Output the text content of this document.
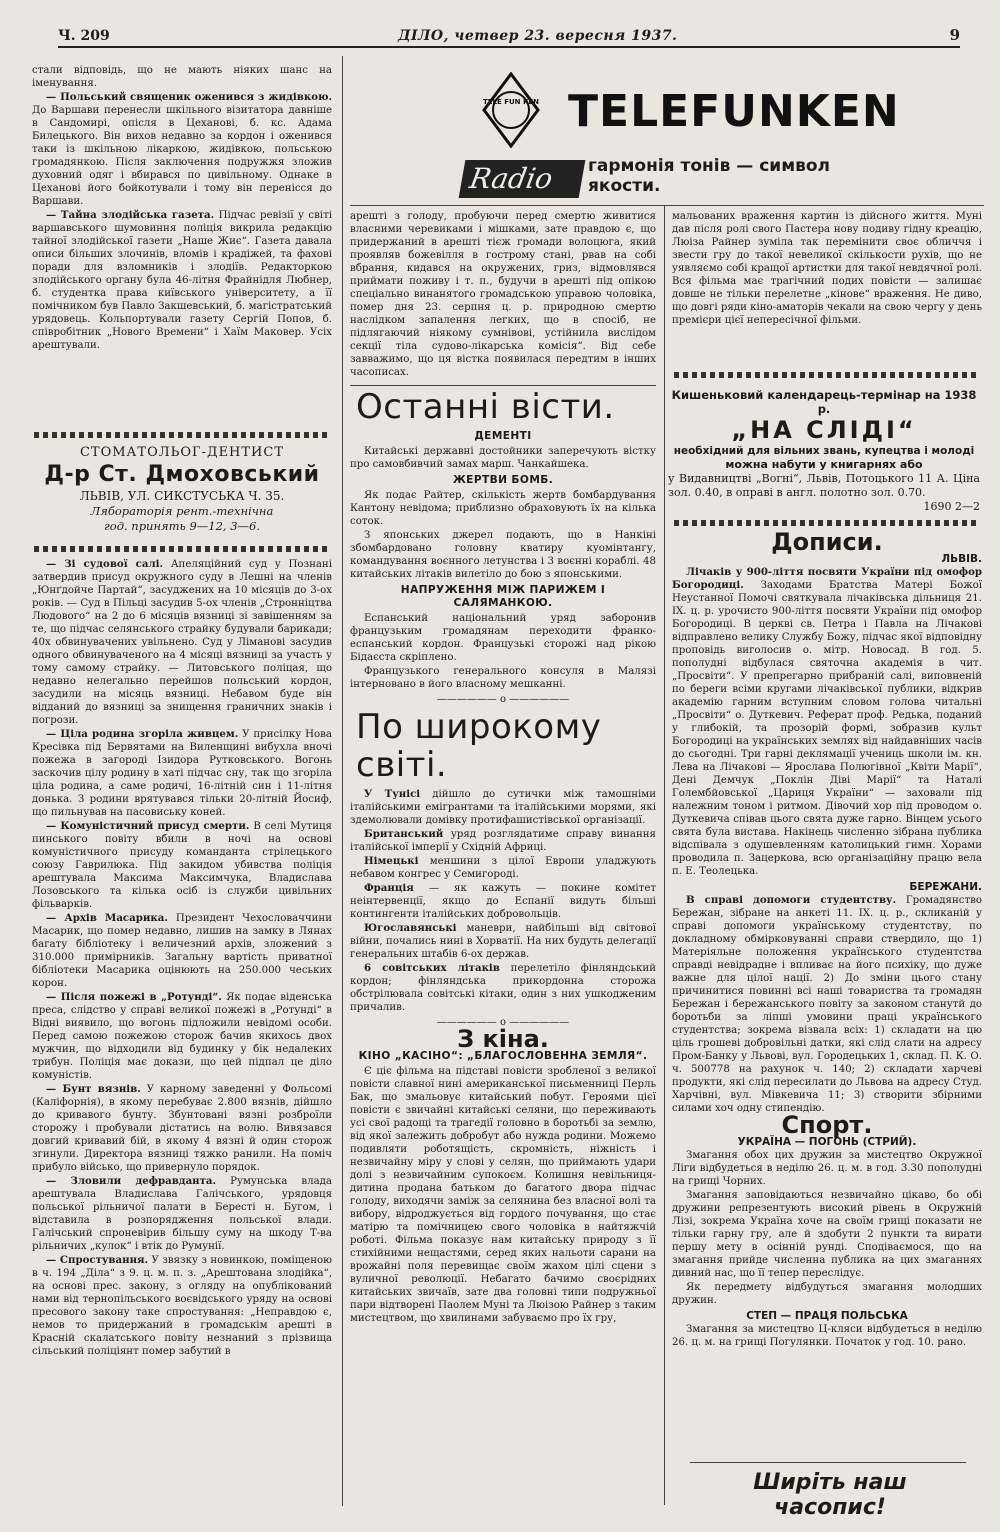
Ч. 209	ДІЛО, четвер 23. вересня 1937.	9

стали відповідь, що не мають ніяких шанс на іменування.

— Польський священик оженився з жидівкою. До Варшави перенесли шкільного візитатора давніше в Сандомирі, опісля в Цеханові, б. кс. Адама Билецького. Він вихов недавно за кордон і оженився таки із шкільною лікаркою, жидівкою, польською громадянкою. Після заключення подружжя зложив духовний одяг і вбирався по цивільному. Однаке в Цеханові його бойкотували і тому він перенісся до Варшави.

— Тайна злодійська газета. Підчас ревізії у світі варшавського шумовиння поліція викрила редакцію тайної злодійської газети „Наше Жиє“. Газета давала описи більших злочинів, вломів і крадіжей, та фахові поради для взломників і злодіїв. Редакторкою злодійського органу була 46-літня Фрайнідля Любнер, б. студентка права київського університету, а її помічником був Павло Закшевський, б. магістратський урядовець. Кольпортували газету Сергій Попов, б. співробітник „Нового Времени“ і Хаїм Маковер. Усіх арештували.

СТОМАТОЛЬОГ-ДЕНТИСТ
Д-р Ст. Дмоховський
ЛЬВІВ, УЛ. СИКСТУСЬКА Ч. 35.
Лябораторія рент.-технічна
год. принять 9—12, 3—6.

— Зі судової салі. Апеляційний суд у Познані затвердив присуд окружного суду в Лешні на членів „Юнґдойче Партай“, засуджених на 10 місяців до 3-ох років. — Суд в Пільці засудив 5-ох членів „Стронніцтва Людового“ на 2 до 6 місяців вязниці зі завішенням за те, що підчас селянського страйку будували барикади; 40х обвинувачених увільнено. Суд у Ліманові засудив одного обвинуваченого на 4 місяці вязниці за участь у тому самому страйку. — Литовського поліцая, що недавно нелегально перейшов польський кордон, засудили на місяць вязниці. Небавом буде він відданий до вязниці за знищення граничних знаків і погрози.

— Ціла родина згоріла живцем. У присілку Нова Кресівка під Бервятами на Виленщині вибухла вночі пожежа в загороді Ізидора Рутковського. Вогонь заскочив цілу родину в хаті підчас сну, так що згоріла ціла родина, а саме родичі, 16-літній син і 11-літня донька. З родини врятувався тільки 20-літній Йосиф, що пильнував на пасовиську коней.

— Комуністичний присуд смерти. В селі Мутиця пинського повіту вбили в ночі на основі комуністичного присуду команданта стрілецького союзу Гаврилюка. Під закидом убивства поліція арештувала Максима Максимчука, Владислава Лозовського та кілька осіб із служби цивільних фільварків.

— Архів Масарика. Президент Чехословаччини Масарик, що помер недавно, лишив на замку в Лянах багату бібліотеку і величезний архів, зложений з 310.000 примірників. Загальну вартість приватної бібліотеки Масарика оцінюють на 250.000 чеських корон.

— Після пожежі в „Ротунді“. Як подає віденська преса, слідство у справі великої пожежі в „Ротунді“ в Відні виявило, що вогонь підложили невідомі особи. Перед самою пожежою сторож бачив якихось двох мужчин, що відходили від будинку у бік недалеких трибун. Поліція має докази, що цей підпал це діло комуністів.

— Бунт вязнів. У карному заведенні у Фольсомі (Каліфорнія), в якому перебуває 2.800 вязнів, дійшло до кривавого бунту. Збунтовані вязні розброїли сторожу і пробували дістатись на волю. Вивязався довгий кривавий бій, в якому 4 вязні й один сторож згинули. Директора вязниці тяжко ранили. На поміч прибуло військо, що привернуло порядок.

— Зловили дефравданта. Румунська влада арештувала Владислава Галічського, урядовця польської рільничої палати в Бересті н. Бугом, і відставила в розпорядження польської влади. Галічський спроневірив більшу суму на шкоду Т-ва рільничих „кулок“ і втік до Румунії.

— Спростування. У звязку з новинкою, поміщеною в ч. 194 „Діла“ з 9. ц. м. п. з. „Арештована злодійка“, на основі прес. закону, з огляду на опублікований нами від тернопільського воєвідського уряду на основі пресового закону таке спростування: „Неправдою є, немов то придержаний в громадськім арешті в Красній скалатського повіту незнаний з прізвища сільський поліціянт помер забутий в

TELE FUN KEN TELEFUNKEN
Radio	гармонія тонів — символ якости.

арешті з голоду, пробуючи перед смертю живитися власними черевиками і мішками, зате правдою є, що придержаний в арешті тієж громади волоцюга, який проявляв божевілля в гострому стані, рвав на собі вбрання, кидався на окружених, гриз, відмовлявся приймати поживу і т. п., будучи в арешті під опікою спеціально винанятого громадською управою чоловіка, помер дня 23. серпня ц. р. природною смертю наслідком запалення легких, що в спосіб, не підлягаючий ніякому сумнівові, устійнила вислідом секції тіла судово-лікарська комісія“. Від себе завважимо, що ця вістка появилася передтим в інших часописах.

Останні вісти.
ДЕМЕНТІ

Китайські державні достойники заперечують вістку про самовбивчий замах марш. Чанкайшека.

ЖЕРТВИ БОМБ.

Як подає Райтер, скількість жертв бомбардування Кантону невідома; приблизно обраховують їх на кілька соток.

З японських джерел подають, що в Нанкіні збомбардовано головну кватиру куомінтангу, командування воєнного летунства і 3 воєнні кораблі. 48 китайських літаків вилетіло до бою з японськими.

НАПРУЖЕННЯ МІЖ ПАРИЖЕМ І САЛЯМАНКОЮ.

Еспанський національний уряд заборонив французьким громадянам переходити франко-еспанський кордон. Французькі сторожі над рікою Бідаєста скріплено.

Французького генерального консуля в Малязі інтерновано в його власному мешканні.

—————— o ——————
По широкому світі.

У Тунісі дійшло до сутички між тамошніми італійськими емігрантами та італійськими морями, які здемолювали домівку протифашистівської організації.

Британський уряд розглядатиме справу винання італійської імперії у Східній Африці.

Німецькі меншини з цілої Европи уладжують небавом конгрес у Семигороді.

Франція — як кажуть — покине комітет неінтервенції, якщо до Еспанії видуть більші контингенти італійських добровольців.

Югославянські маневри, найбільші від світової війни, почались нині в Хорватії. На них будуть делегації генеральних штабів 6-ох держав.

6 совітських літаків перелетіло фінляндський кордон; фінляндська прикордонна сторожа обстрілювала совітські кітаки, один з них ушкодженим причалив.

—————— o ——————
З кіна.
КІНО „КАСІНО“: „БЛАГОСЛОВЕННА ЗЕМЛЯ“.

Є ціє фільма на підставі повісти зробленої з великої повісти славної нині американської письменниці Перль Бак, що змальовує китайський побут. Героями цієї повісти є звичайні китайські селяни, що переживають усі свої радощі та трагедії головно в боротьбі за землю, від якої залежить добробут або нужда родини. Можемо подивляти роботящість, скромність, ніжність і незвичайну міру у слові у селян, що приймають удари долі з незвичайним супокоєм. Колишня невільниця-дитина продана батьком до багатого двора підчас голоду, виходячи заміж за селянина без власної волі та вибору, відроджується від гордого почування, що стає матірю та помічницею свого чоловіка в найтяжчій роботі. Фільма показує нам китайську природу з її стихійними нещастями, серед яких нальоти сарани на врожайні поля перевищає своїм жахом цілі сцени з вуличної революції. Небагато бачимо своєрідних китайських звичаїв, зате два головні типи подружньої пари відтворені Паолем Муні та Люізою Райнер з таким мистецтвом, що хвилинами забуваємо про їх гру,

мальованих враження картин із дійсного життя. Муні дав після ролі свого Пастера нову подиву гідну креацію, Люіза Райнер зуміла так перемінити своє обличчя і звести гру до такої невеликої скількости рухів, що не уявляємо собі кращої артистки для такої невдячної ролі. Вся фільма має трагічний подих повісти — залишає довше не тільки перелетне „кінове“ враження. Не диво, що довгі ряди кіно-аматорів чекали на свою чергу у день премієри цієї непересічної фільми.

Кишеньковий календарець-термінар на 1938 р.
„НА СЛІДІ“
необхідний для вільних звань, купецтва і молоді
можна набути у книгарнях або

у Видавництві „Вогні“, Львів, Потоцького 11 А. Ціна зол. 0.40, в оправі в англ. полотно зол. 0.70.

1690 2—2
Дописи.
ЛЬВІВ.

Лічаків у 900-ліття посвяти України під омофор Богородиці. Заходами Братства Матері Божої Неустанної Помочі святкувала лічаківська дільниця 21. IX. ц. р. урочисто 900-ліття посвяти України під омофор Богородиці. В церкві св. Петра і Павла на Лічакові відправлено велику Службу Божу, підчас якої відповідну проповідь виголосив о. мітр. Новосад. В год. 5. пополудні відбулася святочна академія в чит. „Просвіти“. У препрегарно прибраній салі, виповненій по береги всіми кругами лічаківської публики, відкрив академію гарним вступним словом голова читальні „Просвіти“ о. Дуткевич. Реферат проф. Редька, поданий у глибокій, та прозорій формі, зобразив культ Богородиці на українських землях від найдавніших часів до сьогодні. Три гарні деклямації учениць школи ім. кн. Лева на Лічакові — Ярослава Полюгівної „Квіти Марії“, Дені Демчук „Поклін Діві Марії“ та Наталі Голембйовської „Цариця України“ — заховали під належним тоном і ритмом. Дівочий хор під проводом о. Дуткевича співав цього свята дуже гарно. Вінцем усього свята була вистава. Накінець численно зібрана публика відспівала з одушевленням католицький гимн. Хорами проводила п. Зацеркова, всю організаційну працю вела п. Е. Теолецька.

БЕРЕЖАНИ.

В справі допомоги студентству. Громадянство Бережан, зібране на анкеті 11. IX. ц. р., скликаній у справі допомоги українському студентству, по докладному обмірковуванні справи ствердило, що 1) Матеріяльне положення українського студентства справді невідрадне і впливає на його психіку, що дуже важне для цілої нації. 2) До зміни цього стану причинитися повинні всі наші товариства та громадян Бережан і бережанського повіту за законом станутй до боротьби за ліпші умовини праці українського студентства; зокрема візвала всіх: 1) складати на цю ціль грошеві добровільні датки, які слід слати на адресу Пром-Банку у Львові, вул. Городецьких 1, склад. П. К. О. ч. 500778 на рахунок ч. 140; 2) складати харчеві продукти, які слід пересилати до Львова на адресу Студ. Харчівні, вул. Мівкевича 11; 3) створити збірними силами хоч одну стипендію.

Спорт.
УКРАЇНА — ПОГОНЬ (СТРИЙ).

Змагання обох цих дружин за мистецтво Окружної Ліги відбудеться в неділю 26. ц. м. в год. 3.30 пополудні на грищі Чорних.

Змагання заповідаються незвичайно цікаво, бо обі дружини репрезентують високий рівень в Окружній Лізі, зокрема Україна хоче на своїм грищі показати не тільки гарну гру, але й здобути 2 пункти та вирати першу мету в осінній рунді. Сподіваємося, що на змагання прийде численна публика на цих змаганнях дивний нас, що її тепер переслідує.

Як передмету відбудуться змагання молодших дружин.

СТЕП — ПРАЦЯ ПОЛЬСЬКА

Змагання за мистецтво Ц-кляси відбудеться в неділю 26. ц. м. на грищі Погулянки. Початок у год. 10. рано.

Ширіть наш часопис!
